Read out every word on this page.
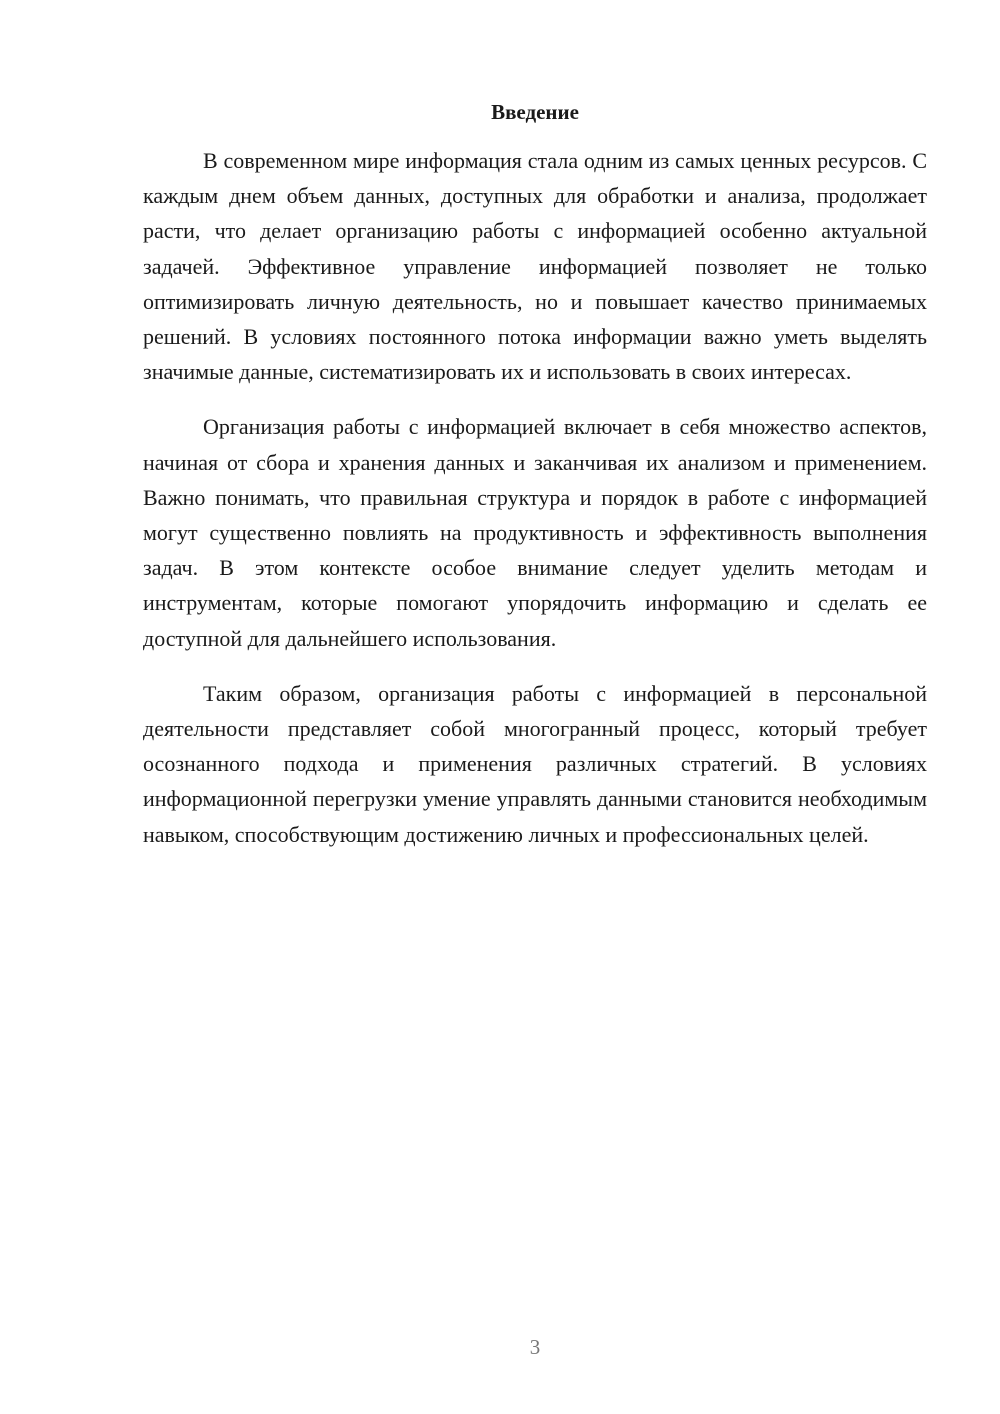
Введение

В современном мире информация стала одним из самых ценных ресурсов. С каждым днем объем данных, доступных для обработки и анализа, продолжает расти, что делает организацию работы с информацией особенно актуальной задачей. Эффективное управление информацией позволяет не только оптимизировать личную деятельность, но и повышает качество принимаемых решений. В условиях постоянного потока информации важно уметь выделять значимые данные, систематизировать их и использовать в своих интересах.

Организация работы с информацией включает в себя множество аспектов, начиная от сбора и хранения данных и заканчивая их анализом и применением. Важно понимать, что правильная структура и порядок в работе с информацией могут существенно повлиять на продуктивность и эффективность выполнения задач. В этом контексте особое внимание следует уделить методам и инструментам, которые помогают упорядочить информацию и сделать ее доступной для дальнейшего использования.

Таким образом, организация работы с информацией в персональной деятельности представляет собой многогранный процесс, который требует осознанного подхода и применения различных стратегий. В условиях информационной перегрузки умение управлять данными становится необходимым навыком, способствующим достижению личных и профессиональных целей.

3
